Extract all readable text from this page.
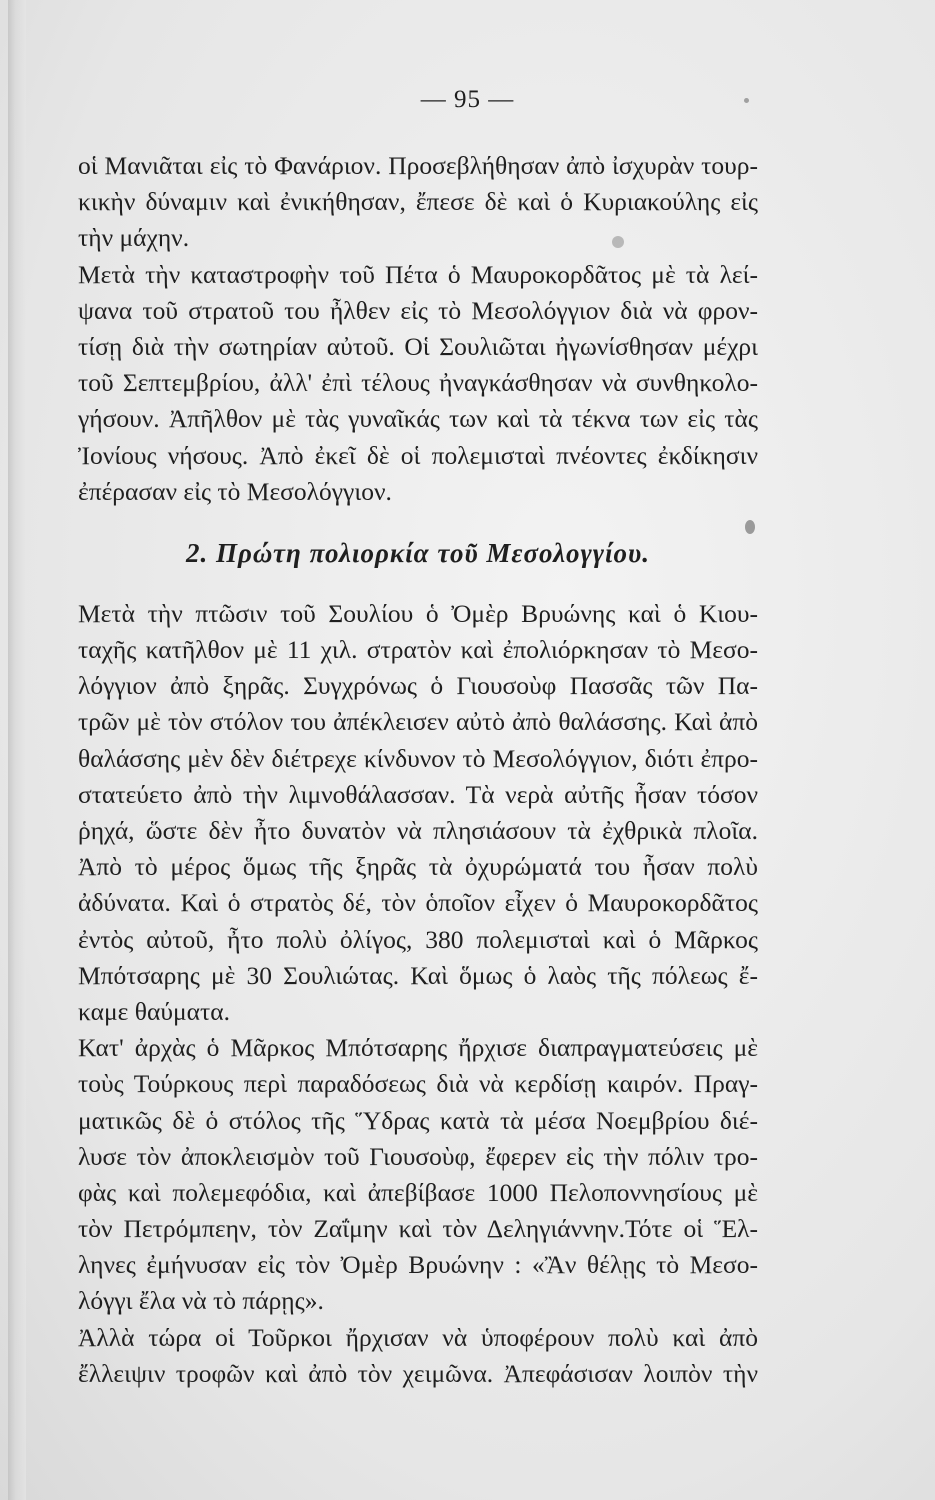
— 95 —
οἱ Μανιᾶται εἰς τὸ Φανάριον. Προσεβλήθησαν ἀπὸ ἰσχυρὰν τουρ-
κικὴν δύναμιν καὶ ἐνικήθησαν, ἔπεσε δὲ καὶ ὁ Κυριακούλης εἰς
τὴν μάχην.
Μετὰ τὴν καταστροφὴν τοῦ Πέτα ὁ Μαυροκορδᾶτος μὲ τὰ λεί-
ψανα τοῦ στρατοῦ του ἦλθεν εἰς τὸ Μεσολόγγιον διὰ νὰ φρον-
τίσῃ διὰ τὴν σωτηρίαν αὐτοῦ. Οἱ Σουλιῶται ἠγωνίσθησαν μέχρι
τοῦ Σεπτεμβρίου, ἀλλ' ἐπὶ τέλους ἠναγκάσθησαν νὰ συνθηκολο-
γήσουν. Ἀπῆλθον μὲ τὰς γυναῖκάς των καὶ τὰ τέκνα των εἰς τὰς
Ἰονίους νήσους. Ἀπὸ ἐκεῖ δὲ οἱ πολεμισταὶ πνέοντες ἐκδίκησιν
ἐπέρασαν εἰς τὸ Μεσολόγγιον.
2. Πρώτη πολιορκία τοῦ Μεσολογγίου.
Μετὰ τὴν πτῶσιν τοῦ Σουλίου ὁ Ὀμὲρ Βρυώνης καὶ ὁ Κιου-
ταχῆς κατῆλθον μὲ 11 χιλ. στρατὸν καὶ ἐπολιόρκησαν τὸ Μεσο-
λόγγιον ἀπὸ ξηρᾶς. Συγχρόνως ὁ Γιουσοὺφ Πασσᾶς τῶν Πα-
τρῶν μὲ τὸν στόλον του ἀπέκλεισεν αὐτὸ ἀπὸ θαλάσσης. Καὶ ἀπὸ
θαλάσσης μὲν δὲν διέτρεχε κίνδυνον τὸ Μεσολόγγιον, διότι ἐπρο-
στατεύετο ἀπὸ τὴν λιμνοθάλασσαν. Τὰ νερὰ αὐτῆς ἦσαν τόσον
ῥηχά, ὥστε δὲν ἦτο δυνατὸν νὰ πλησιάσουν τὰ ἐχθρικὰ πλοῖα.
Ἀπὸ τὸ μέρος ὅμως τῆς ξηρᾶς τὰ ὀχυρώματά του ἦσαν πολὺ
ἀδύνατα. Καὶ ὁ στρατὸς δέ, τὸν ὁποῖον εἶχεν ὁ Μαυροκορδᾶτος
ἐντὸς αὐτοῦ, ἦτο πολὺ ὀλίγος, 380 πολεμισταὶ καὶ ὁ Μᾶρκος
Μπότσαρης μὲ 30 Σουλιώτας. Καὶ ὅμως ὁ λαὸς τῆς πόλεως ἔ-
καμε θαύματα.
Κατ' ἀρχὰς ὁ Μᾶρκος Μπότσαρης ἤρχισε διαπραγματεύσεις μὲ
τοὺς Τούρκους περὶ παραδόσεως διὰ νὰ κερδίσῃ καιρόν. Πραγ-
ματικῶς δὲ ὁ στόλος τῆς Ὕδρας κατὰ τὰ μέσα Νοεμβρίου διέ-
λυσε τὸν ἀποκλεισμὸν τοῦ Γιουσοὺφ, ἔφερεν εἰς τὴν πόλιν τρο-
φὰς καὶ πολεμεφόδια, καὶ ἀπεβίβασε 1000 Πελοποννησίους μὲ
τὸν Πετρόμπεην, τὸν Ζαΐμην καὶ τὸν Δεληγιάννην.Τότε οἱ Ἕλ-
ληνες ἐμήνυσαν εἰς τὸν Ὀμὲρ Βρυώνην : «Ἂν θέλῃς τὸ Μεσο-
λόγγι ἔλα νὰ τὸ πάρῃς».
Ἀλλὰ τώρα οἱ Τοῦρκοι ἤρχισαν νὰ ὑποφέρουν πολὺ καὶ ἀπὸ
ἔλλειψιν τροφῶν καὶ ἀπὸ τὸν χειμῶνα. Ἀπεφάσισαν λοιπὸν τὴν
